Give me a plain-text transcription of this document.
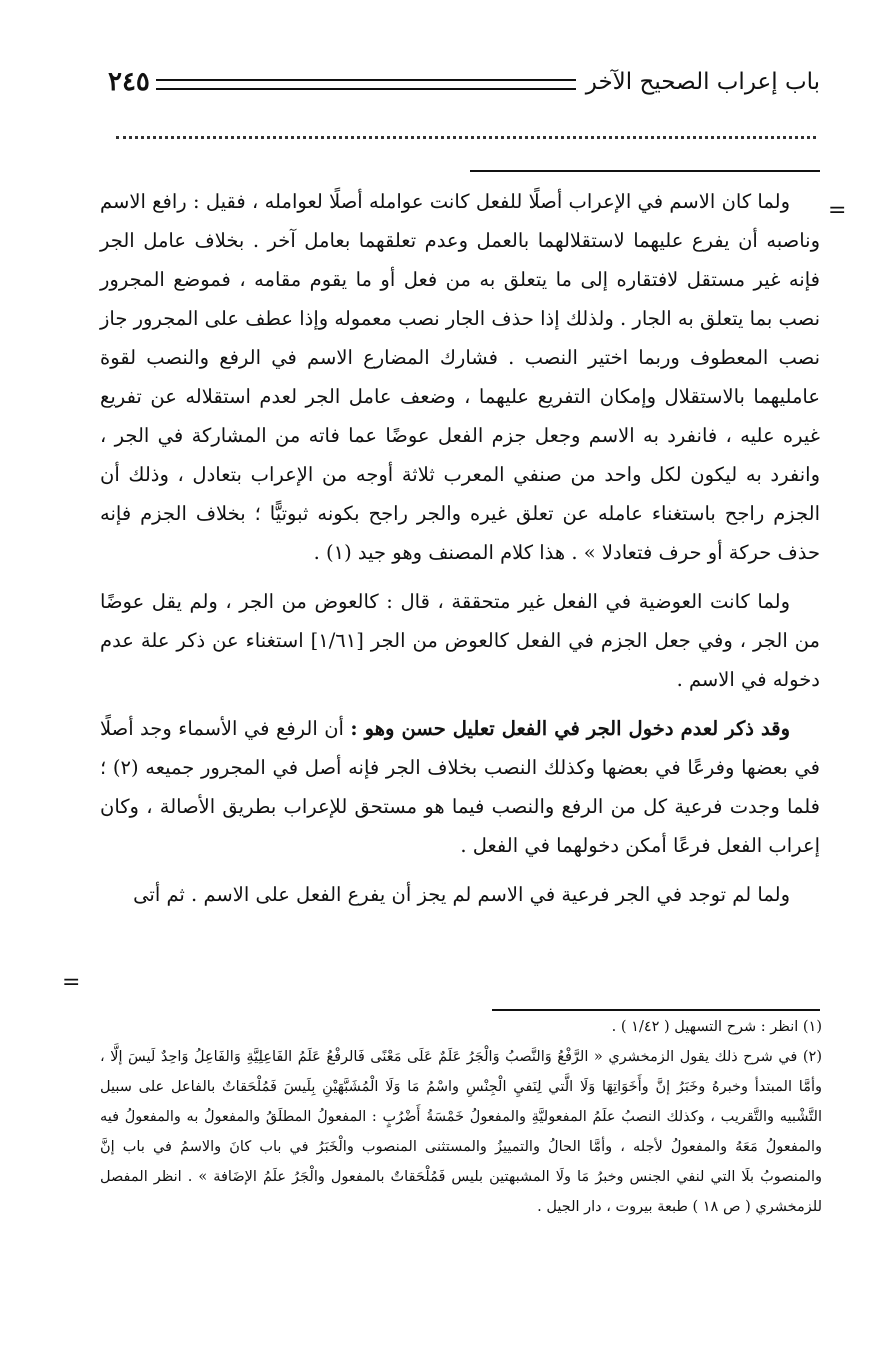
باب إعراب الصحيح الآخر
٢٤٥
=
=

ولما كان الاسم في الإعراب أصلًا للفعل كانت عوامله أصلًا لعوامله ، فقيل : رافع الاسم وناصبه أن يفرع عليهما لاستقلالهما بالعمل وعدم تعلقهما بعامل آخر . بخلاف عامل الجر فإنه غير مستقل لافتقاره إلى ما يتعلق به من فعل أو ما يقوم مقامه ، فموضع المجرور نصب بما يتعلق به الجار . ولذلك إذا حذف الجار نصب معموله وإذا عطف على المجرور جاز نصب المعطوف وربما اختير النصب . فشارك المضارع الاسم في الرفع والنصب لقوة عامليهما بالاستقلال وإمكان التفريع عليهما ، وضعف عامل الجر لعدم استقلاله عن تفريع غيره عليه ، فانفرد به الاسم وجعل جزم الفعل عوضًا عما فاته من المشاركة في الجر ، وانفرد به ليكون لكل واحد من صنفي المعرب ثلاثة أوجه من الإعراب بتعادل ، وذلك أن الجزم راجح باستغناء عامله عن تعلق غيره والجر راجح بكونه ثبوتيًّا ؛ بخلاف الجزم فإنه حذف حركة أو حرف فتعادلا » . هذا كلام المصنف وهو جيد (١) .

ولما كانت العوضية في الفعل غير متحققة ، قال : كالعوض من الجر ، ولم يقل عوضًا من الجر ، وفي جعل الجزم في الفعل كالعوض من الجر [١/٦١] استغناء عن ذكر علة عدم دخوله في الاسم .

وقد ذكر لعدم دخول الجر في الفعل تعليل حسن وهو : أن الرفع في الأسماء وجد أصلًا في بعضها وفرعًا في بعضها وكذلك النصب بخلاف الجر فإنه أصل في المجرور جميعه (٢) ؛ فلما وجدت فرعية كل من الرفع والنصب فيما هو مستحق للإعراب بطريق الأصالة ، وكان إعراب الفعل فرعًا أمكن دخولهما في الفعل .

ولما لم توجد في الجر فرعية في الاسم لم يجز أن يفرع الفعل على الاسم . ثم أتى

(١) انظر : شرح التسهيل ( ١/٤٢ ) .

(٢) في شرح ذلك يقول الزمخشري « الرَّفْعُ وَالنَّصبُ وَالْجَرُ عَلَمٌ عَلَى مَعْنًى فَالرفْعُ عَلَمُ الفَاعِلِيَّةِ وَالفَاعِلُ وَاحِدٌ لَيسَ إلَّا ، وأمَّا المبتدأ وخبرهُ وخَبَرُ إنَّ وأَخَوَاتِهَا وَلَا الَّتي لِنَفيِ الْجِنْسِ واسْمُ مَا وَلَا الْمُشَبَّهَيْنِ بِلَيسَ فَمُلْحَقاتٌ بالفاعل على سبيل التَّشْبيه والتَّقريب ، وكذلك النصبُ علَمُ المفعوليَّةِ والمفعولُ خَمْسَةُ أَضْرُبٍ : المفعولُ المطلَقُ والمفعولُ به والمفعولُ فيه والمفعولُ مَعَهُ والمفعولُ لأجله ، وأمَّا الحالُ والتمييزُ والمستثنى المنصوب والْخَبَرُ في باب كانَ والاسمُ في باب إنَّ والمنصوبُ بلَا التي لنفي الجنس وخبرُ مَا ولَا المشبهتين بليس فَمُلْحَقاتٌ بالمفعول والْجَرُ علَمُ الإضَافة » . انظر المفصل للزمخشري ( ص ١٨ ) طبعة بيروت ، دار الجيل .
